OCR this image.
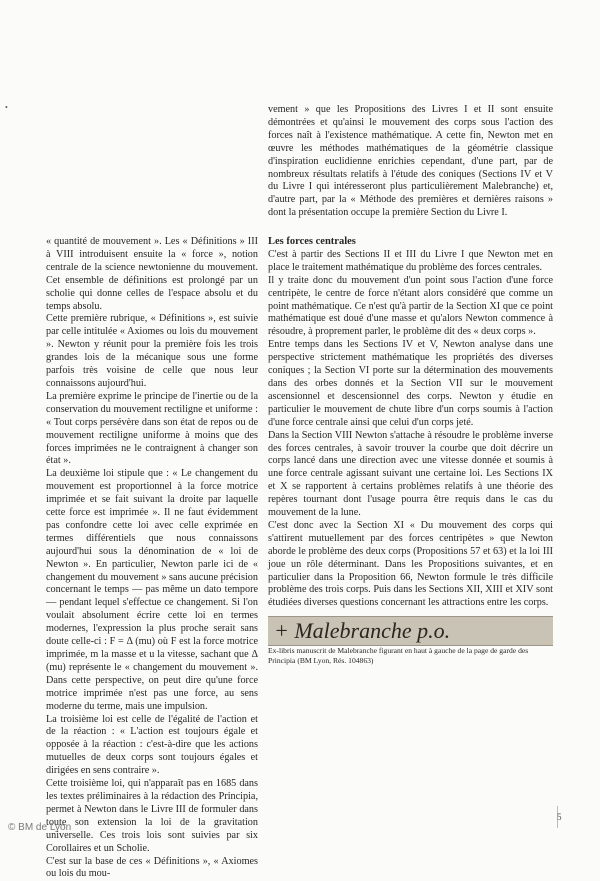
•	vement » que les Propositions des Livres I et II sont ensuite démontrées et qu'ainsi le mouvement des corps sous l'action des forces naît à l'existence mathématique. A cette fin, Newton met en œuvre les méthodes mathématiques de la géométrie classique d'inspiration euclidienne enrichies cependant, d'une part, par de nombreux résultats relatifs à l'étude des coniques (Sections IV et V du Livre I qui intéresseront plus particulièrement Malebranche) et, d'autre part, par la « Méthode des premières et dernières raisons » dont la présentation occupe la première Section du Livre I.

« quantité de mouvement ». Les « Définitions » III à VIII introduisent ensuite la « force », notion centrale de la science newtonienne du mouvement. Cet ensemble de définitions est prolongé par un scholie qui donne celles de l'espace absolu et du temps absolu.

Cette première rubrique, « Définitions », est suivie par celle intitulée « Axiomes ou lois du mouvement ». Newton y réunit pour la première fois les trois grandes lois de la mécanique sous une forme parfois très voisine de celle que nous leur connaissons aujourd'hui.

La première exprime le principe de l'inertie ou de la conservation du mouvement rectiligne et uniforme : « Tout corps persévère dans son état de repos ou de mouvement rectiligne uniforme à moins que des forces imprimées ne le contraignent à changer son état ».

La deuxième loi stipule que : « Le changement du mouvement est proportionnel à la force motrice imprimée et se fait suivant la droite par laquelle cette force est imprimée ». Il ne faut évidemment pas confondre cette loi avec celle exprimée en termes différentiels que nous connaissons aujourd'hui sous la dénomination de « loi de Newton ». En particulier, Newton parle ici de « changement du mouvement » sans aucune précision concernant le temps — pas même un dato tempore — pendant lequel s'effectue ce changement. Si l'on voulait absolument écrire cette loi en termes modernes, l'expression la plus proche serait sans doute celle-ci : F = Δ (mu) où F est la force motrice imprimée, m la masse et u la vitesse, sachant que Δ (mu) représente le « changement du mouvement ». Dans cette perspective, on peut dire qu'une force motrice imprimée n'est pas une force, au sens moderne du terme, mais une impulsion.

La troisième loi est celle de l'égalité de l'action et de la réaction : « L'action est toujours égale et opposée à la réaction : c'est-à-dire que les actions mutuelles de deux corps sont toujours égales et dirigées en sens contraire ».

Cette troisième loi, qui n'apparaît pas en 1685 dans les textes préliminaires à la rédaction des Principia, permet à Newton dans le Livre III de formuler dans toute son extension la loi de la gravitation universelle. Ces trois lois sont suivies par six Corollaires et un Scholie.

C'est sur la base de ces « Définitions », « Axiomes ou lois du mou-

Les forces centrales

C'est à partir des Sections II et III du Livre I que Newton met en place le traitement mathématique du problème des forces centrales.

Il y traite donc du mouvement d'un point sous l'action d'une force centripète, le centre de force n'étant alors considéré que comme un point mathématique. Ce n'est qu'à partir de la Section XI que ce point mathématique est doué d'une masse et qu'alors Newton commence à résoudre, à proprement parler, le problème dit des « deux corps ».

Entre temps dans les Sections IV et V, Newton analyse dans une perspective strictement mathématique les propriétés des diverses coniques ; la Section VI porte sur la détermination des mouvements dans des orbes donnés et la Section VII sur le mouvement ascensionnel et descensionnel des corps. Newton y étudie en particulier le mouvement de chute libre d'un corps soumis à l'action d'une force centrale ainsi que celui d'un corps jeté.

Dans la Section VIII Newton s'attache à résoudre le problème inverse des forces centrales, à savoir trouver la courbe que doit décrire un corps lancé dans une direction avec une vitesse donnée et soumis à une force centrale agissant suivant une certaine loi. Les Sections IX et X se rapportent à certains problèmes relatifs à une théorie des repères tournant dont l'usage pourra être requis dans le cas du mouvement de la lune.

C'est donc avec la Section XI « Du mouvement des corps qui s'attirent mutuellement par des forces centripètes » que Newton aborde le problème des deux corps (Propositions 57 et 63) et la loi III joue un rôle déterminant. Dans les Propositions suivantes, et en particulier dans la Proposition 66, Newton formule le très difficile problème des trois corps. Puis dans les Sections XII, XIII et XIV sont étudiées diverses questions concernant les attractions entre les corps.

+ Malebranche p.o.

Ex-libris manuscrit de Malebranche figurant en haut à gauche de la page de garde des Principia (BM Lyon, Rés. 104863)

5
© BM de Lyon
